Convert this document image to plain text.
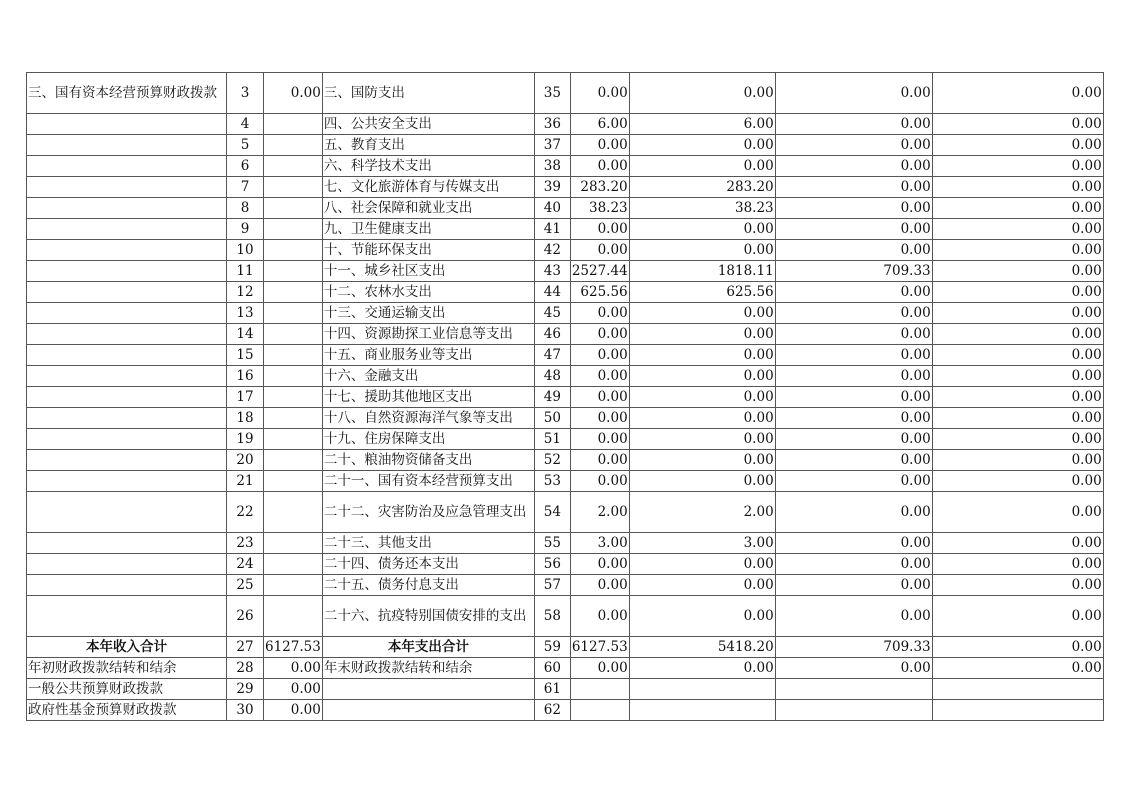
三、国有资本经营预算财政拨款	3	0.00	三、国防支出	35	0.00	0.00	0.00	0.00
	4		四、公共安全支出	36	6.00	6.00	0.00	0.00
	5		五、教育支出	37	0.00	0.00	0.00	0.00
	6		六、科学技术支出	38	0.00	0.00	0.00	0.00
	7		七、文化旅游体育与传媒支出	39	283.20	283.20	0.00	0.00
	8		八、社会保障和就业支出	40	38.23	38.23	0.00	0.00
	9		九、卫生健康支出	41	0.00	0.00	0.00	0.00
	10		十、节能环保支出	42	0.00	0.00	0.00	0.00
	11		十一、城乡社区支出	43	2527.44	1818.11	709.33	0.00
	12		十二、农林水支出	44	625.56	625.56	0.00	0.00
	13		十三、交通运输支出	45	0.00	0.00	0.00	0.00
	14		十四、资源勘探工业信息等支出	46	0.00	0.00	0.00	0.00
	15		十五、商业服务业等支出	47	0.00	0.00	0.00	0.00
	16		十六、金融支出	48	0.00	0.00	0.00	0.00
	17		十七、援助其他地区支出	49	0.00	0.00	0.00	0.00
	18		十八、自然资源海洋气象等支出	50	0.00	0.00	0.00	0.00
	19		十九、住房保障支出	51	0.00	0.00	0.00	0.00
	20		二十、粮油物资储备支出	52	0.00	0.00	0.00	0.00
	21		二十一、国有资本经营预算支出	53	0.00	0.00	0.00	0.00
	22		二十二、灾害防治及应急管理支出	54	2.00	2.00	0.00	0.00
	23		二十三、其他支出	55	3.00	3.00	0.00	0.00
	24		二十四、债务还本支出	56	0.00	0.00	0.00	0.00
	25		二十五、债务付息支出	57	0.00	0.00	0.00	0.00
	26		二十六、抗疫特别国债安排的支出	58	0.00	0.00	0.00	0.00
本年收入合计	27	6127.53	本年支出合计	59	6127.53	5418.20	709.33	0.00
年初财政拨款结转和结余	28	0.00	年末财政拨款结转和结余	60	0.00	0.00	0.00	0.00
一般公共预算财政拨款	29	0.00		61				
政府性基金预算财政拨款	30	0.00		62				
